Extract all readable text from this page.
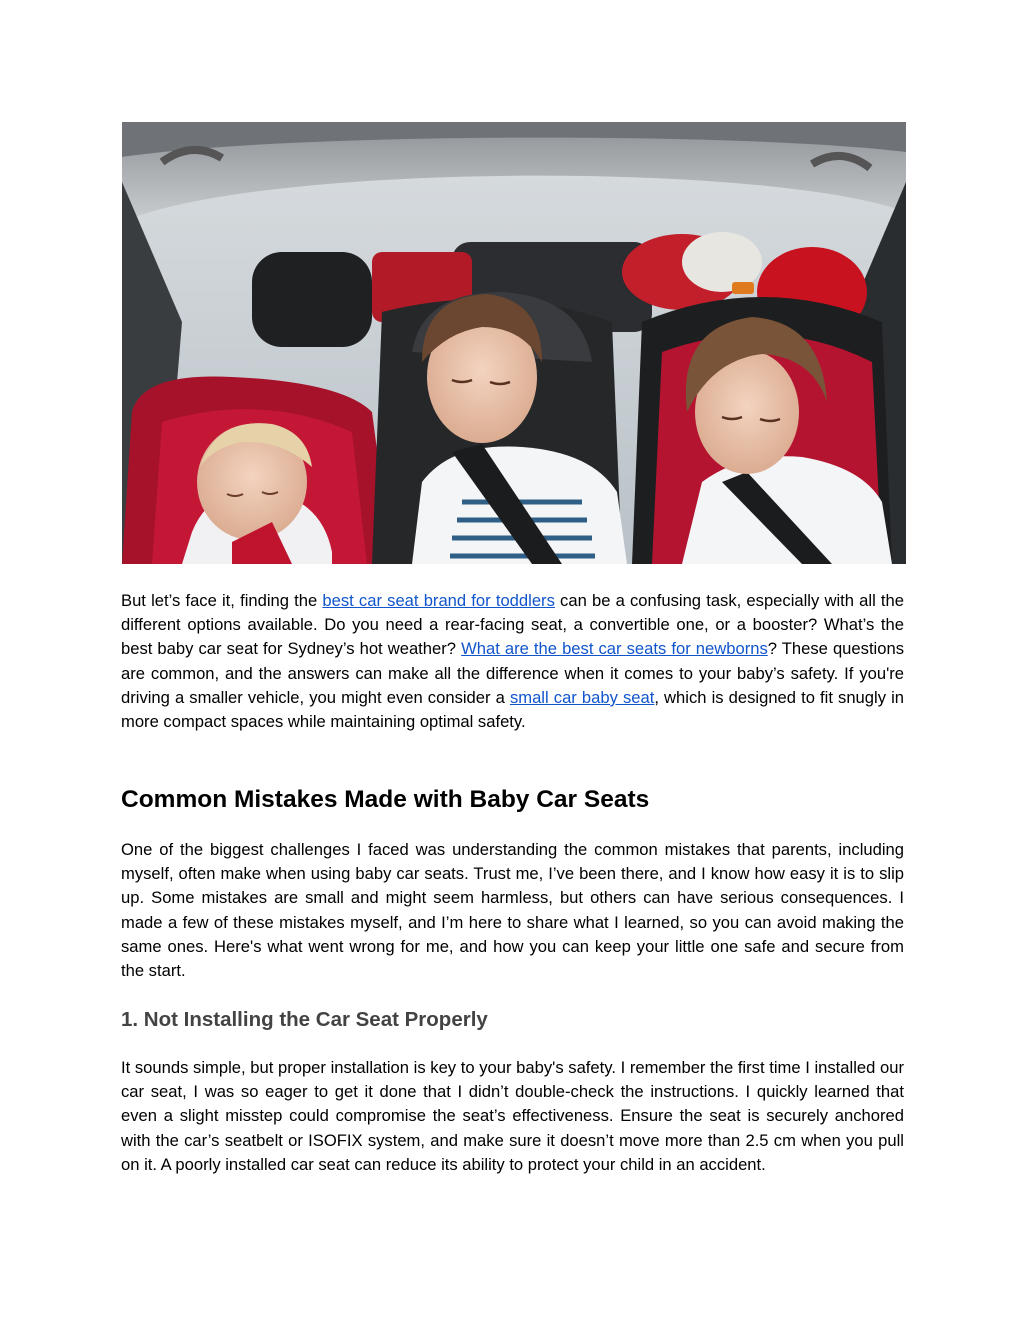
But let’s face it, finding the best car seat brand for toddlers can be a confusing task, especially with all the different options available. Do you need a rear-facing seat, a convertible one, or a booster? What’s the best baby car seat for Sydney’s hot weather? What are the best car seats for newborns? These questions are common, and the answers can make all the difference when it comes to your baby’s safety. If you're driving a smaller vehicle, you might even consider a small car baby seat, which is designed to fit snugly in more compact spaces while maintaining optimal safety.

Common Mistakes Made with Baby Car Seats

One of the biggest challenges I faced was understanding the common mistakes that parents, including myself, often make when using baby car seats. Trust me, I’ve been there, and I know how easy it is to slip up. Some mistakes are small and might seem harmless, but others can have serious consequences. I made a few of these mistakes myself, and I’m here to share what I learned, so you can avoid making the same ones. Here's what went wrong for me, and how you can keep your little one safe and secure from the start.

1. Not Installing the Car Seat Properly

It sounds simple, but proper installation is key to your baby's safety. I remember the first time I installed our car seat, I was so eager to get it done that I didn’t double-check the instructions. I quickly learned that even a slight misstep could compromise the seat’s effectiveness. Ensure the seat is securely anchored with the car’s seatbelt or ISOFIX system, and make sure it doesn’t move more than 2.5 cm when you pull on it. A poorly installed car seat can reduce its ability to protect your child in an accident.
